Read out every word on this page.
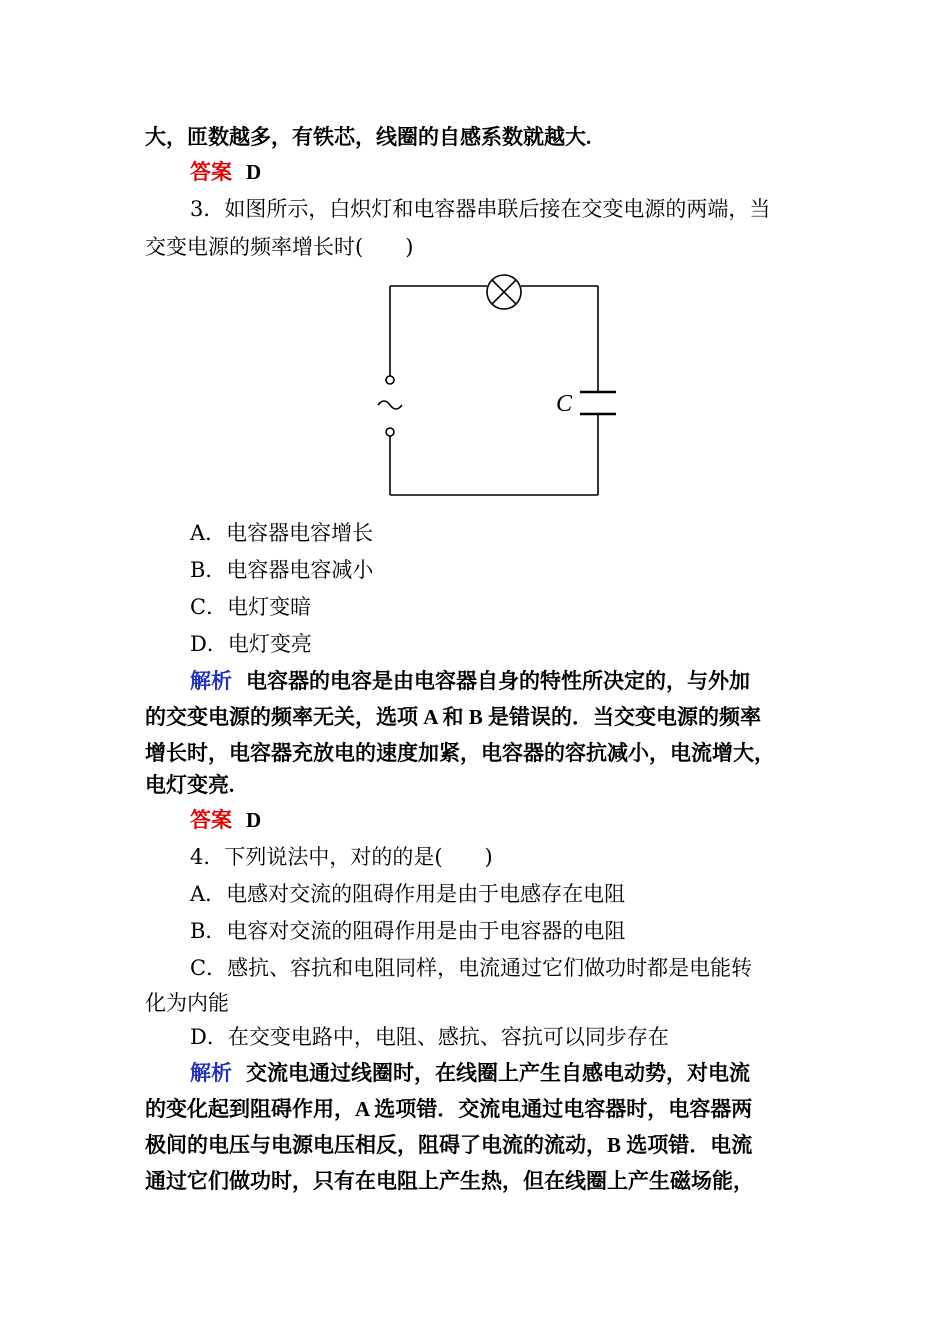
大，匝数越多，有铁芯，线圈的自感系数就越大.
答案 D
3．如图所示，白炽灯和电容器串联后接在交变电源的两端，当
交变电源的频率增长时(　　)
C
A．电容器电容增长
B．电容器电容减小
C．电灯变暗
D．电灯变亮
解析 电容器的电容是由电容器自身的特性所决定的，与外加
的交变电源的频率无关，选项 A 和 B 是错误的．当交变电源的频率
增长时，电容器充放电的速度加紧，电容器的容抗减小，电流增大，
电灯变亮.
答案 D
4．下列说法中，对的的是(　　)
A．电感对交流的阻碍作用是由于电感存在电阻
B．电容对交流的阻碍作用是由于电容器的电阻
C．感抗、容抗和电阻同样，电流通过它们做功时都是电能转
化为内能
D．在交变电路中，电阻、感抗、容抗可以同步存在
解析 交流电通过线圈时，在线圈上产生自感电动势，对电流
的变化起到阻碍作用，A 选项错．交流电通过电容器时，电容器两
极间的电压与电源电压相反，阻碍了电流的流动，B 选项错．电流
通过它们做功时，只有在电阻上产生热，但在线圈上产生磁场能，
